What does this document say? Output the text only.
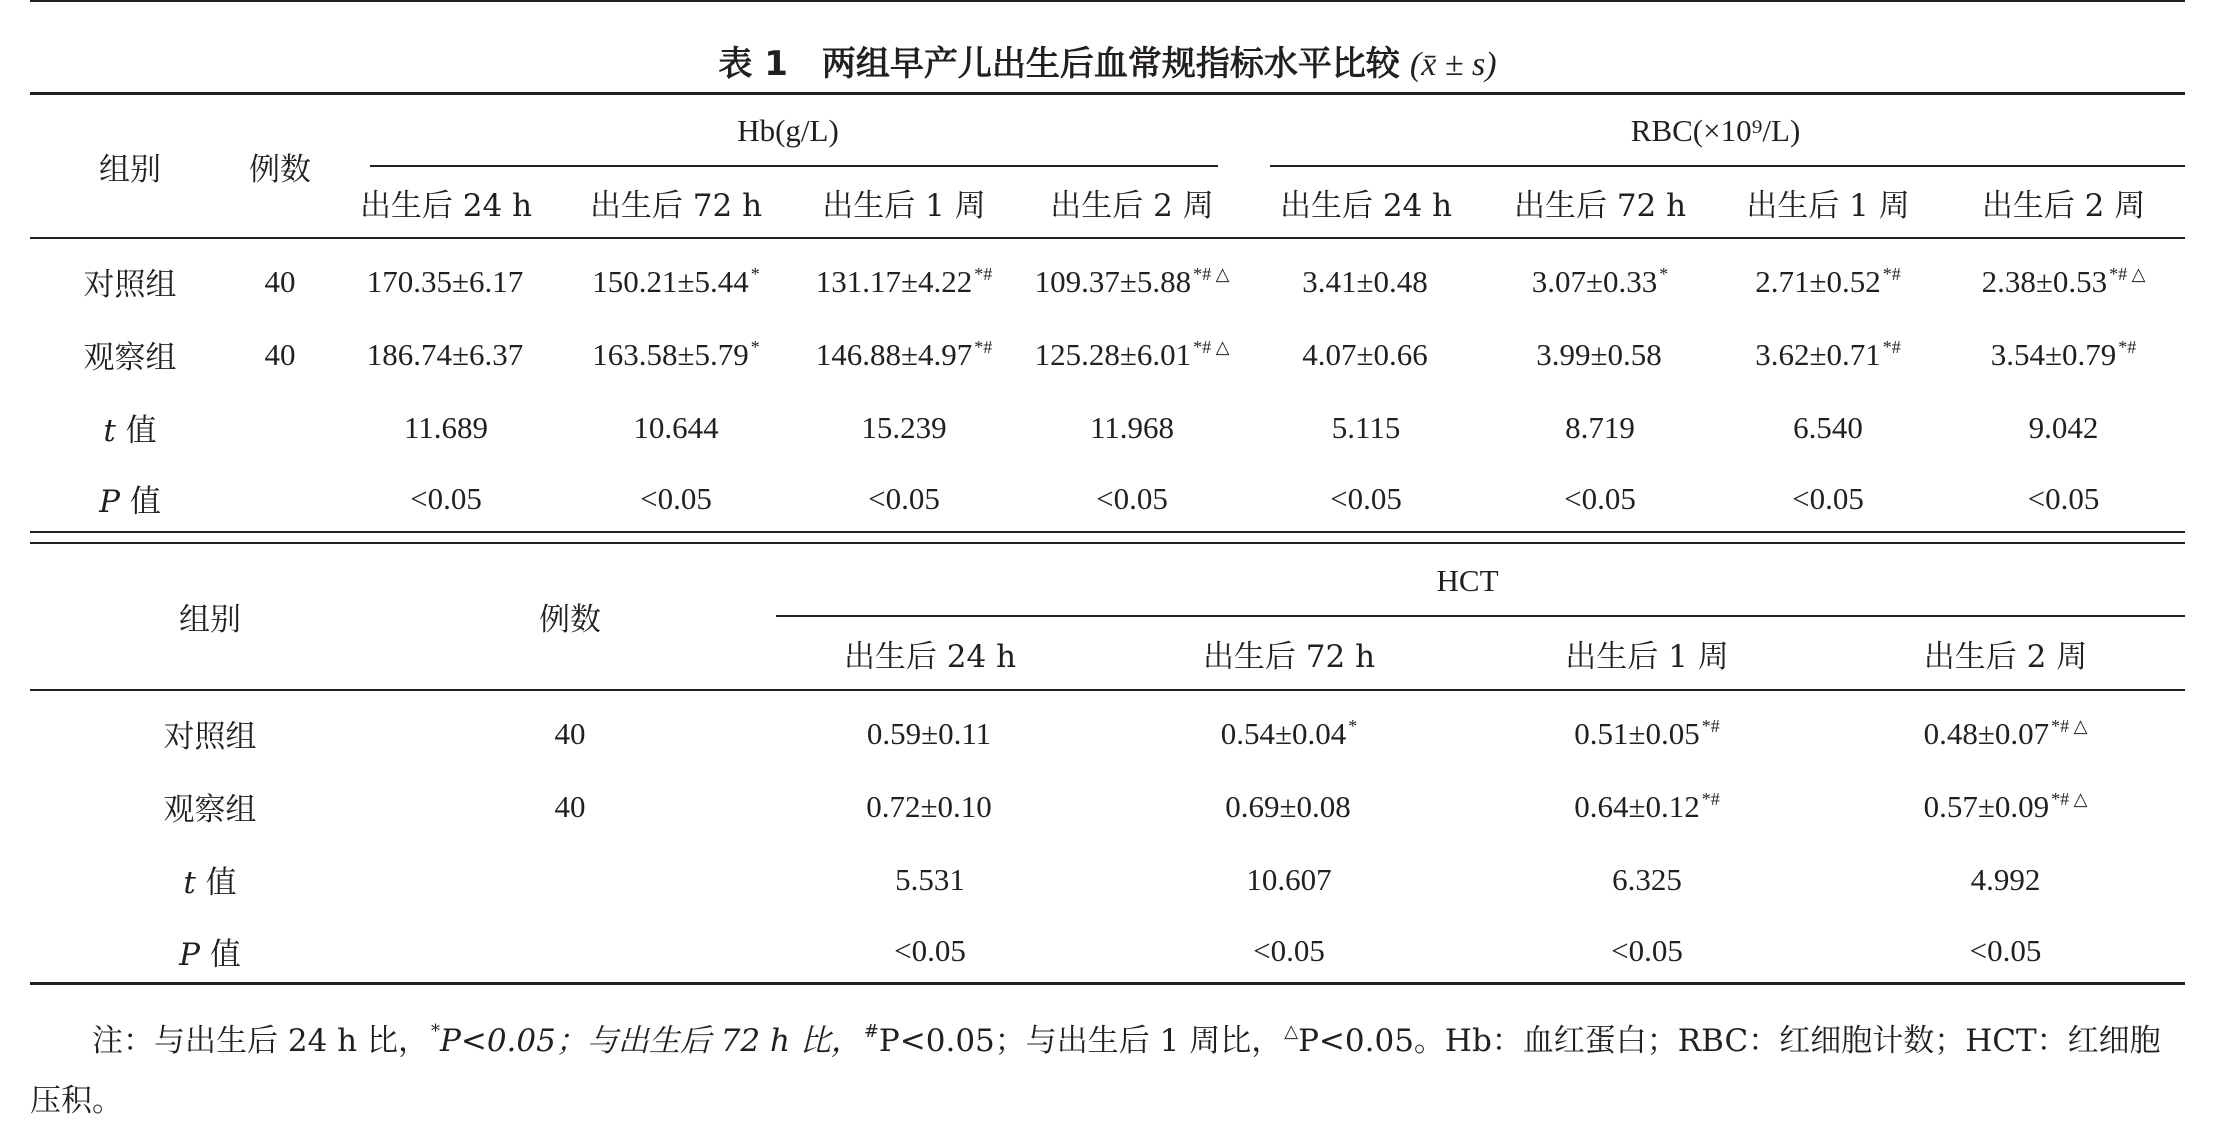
表 1 两组早产儿出生后血常规指标水平比较 (x̄ ± s)
组别	例数	Hb(g/L)				RBC(×10⁹/L)			

		出生后 24 h	出生后 72 h	出生后 1 周	出生后 2 周	出生后 24 h	出生后 72 h	出生后 1 周	出生后 2 周

对照组	40	170.35±6.17	150.21±5.44 *	131.17±4.22 *#	109.37±5.88 *# △	3.41±0.48	3.07±0.33 *	2.71±0.52 *#	2.38±0.53 *# △
观察组	40	186.74±6.37	163.58±5.79 *	146.88±4.97 *#	125.28±6.01 *# △	4.07±0.66	3.99±0.58	3.62±0.71 *#	3.54±0.79 *#
t 值		11.689	10.644	15.239	11.968	5.115	8.719	6.540	9.042
P 值		<0.05	<0.05	<0.05	<0.05	<0.05	<0.05	<0.05	<0.05
组别	例数	HCT			

		出生后 24 h	出生后 72 h	出生后 1 周	出生后 2 周

对照组	40	0.59±0.11	0.54±0.04 *	0.51±0.05 *#	0.48±0.07 *# △
观察组	40	0.72±0.10	0.69±0.08	0.64±0.12 *#	0.57±0.09 *# △
t 值		5.531	10.607	6.325	4.992
P 值		<0.05	<0.05	<0.05	<0.05
注：与出生后 24 h 比， *P<0.05；与出生后 72 h 比， #P<0.05；与出生后 1 周比， △P<0.05。Hb：血红蛋白；RBC：红细胞计数；HCT：红细胞压积。
